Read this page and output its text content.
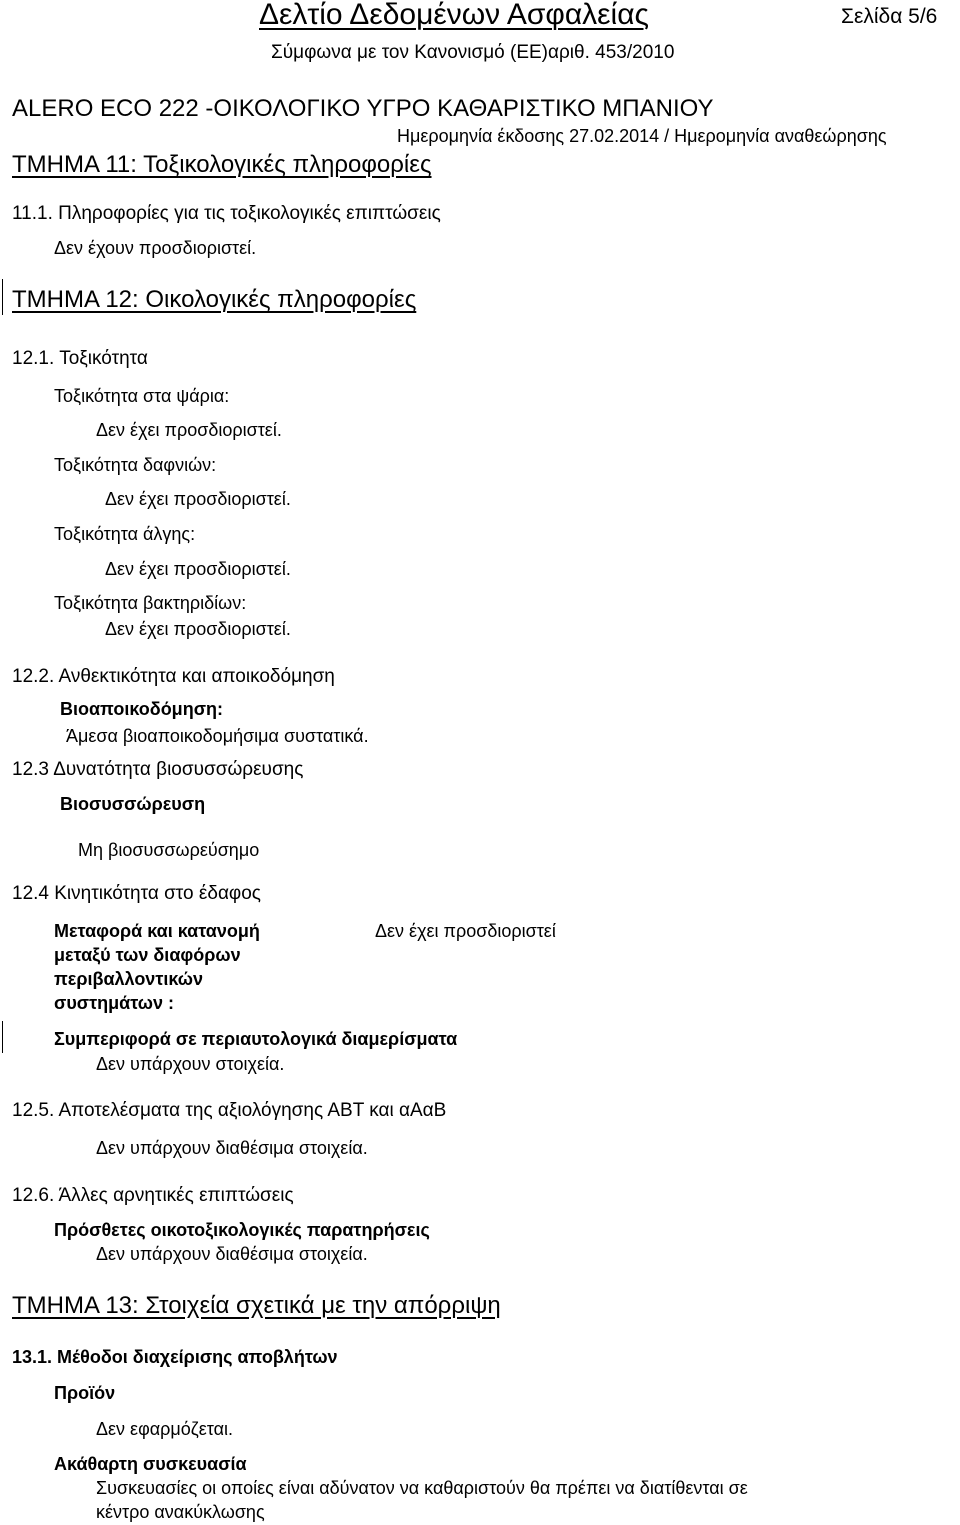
Δελτίο Δεδομένων Ασφαλείας	Σελίδα 5/6
Σύμφωνα με τον Κανονισμό (ΕΕ)αριθ. 453/2010
ALERO ECO 222 -ΟΙΚΟΛΟΓΙΚΟ ΥΓΡΟ ΚΑΘΑΡΙΣΤΙΚΟ ΜΠΑΝΙΟΥ
Ημερομηνία έκδοσης 27.02.2014 / Ημερομηνία αναθεώρησης
ΤΜΗΜΑ 11: Τοξικολογικές πληροφορίες
11.1. Πληροφορίες για τις τοξικολογικές επιπτώσεις
Δεν έχουν προσδιοριστεί.
ΤΜΗΜΑ 12: Οικολογικές πληροφορίες
12.1. Τοξικότητα
Τοξικότητα στα ψάρια:
Δεν έχει προσδιοριστεί.
Τοξικότητα δαφνιών:
Δεν έχει προσδιοριστεί.
Τοξικότητα άλγης:
Δεν έχει προσδιοριστεί.
Τοξικότητα βακτηριδίων:
Δεν έχει προσδιοριστεί.
12.2. Ανθεκτικότητα και αποικοδόμηση
Βιοαποικοδόμηση:
Άμεσα βιοαποικοδομήσιμα συστατικά.
12.3 Δυνατότητα βιοσυσσώρευσης
Βιοσυσσώρευση
Μη βιοσυσσωρεύσημο
12.4 Κινητικότητα στο έδαφος
Μεταφορά και κατανομή
μεταξύ των διαφόρων
περιβαλλοντικών
συστημάτων :
Δεν έχει προσδιοριστεί
Συμπεριφορά σε περιαυτολογικά διαμερίσματα
Δεν υπάρχουν στοιχεία.
12.5. Αποτελέσματα της αξιολόγησης ΑΒΤ και αΑαΒ
Δεν υπάρχουν διαθέσιμα στοιχεία.
12.6. Άλλες αρνητικές επιπτώσεις
Πρόσθετες οικοτοξικολογικές παρατηρήσεις
Δεν υπάρχουν διαθέσιμα στοιχεία.
ΤΜΗΜΑ 13: Στοιχεία σχετικά με την απόρριψη
13.1. Μέθοδοι διαχείρισης αποβλήτων
Προϊόν
Δεν εφαρμόζεται.
Ακάθαρτη συσκευασία
Συσκευασίες οι οποίες είναι αδύνατον να καθαριστούν θα πρέπει να διατίθενται σε
κέντρο ανακύκλωσης
